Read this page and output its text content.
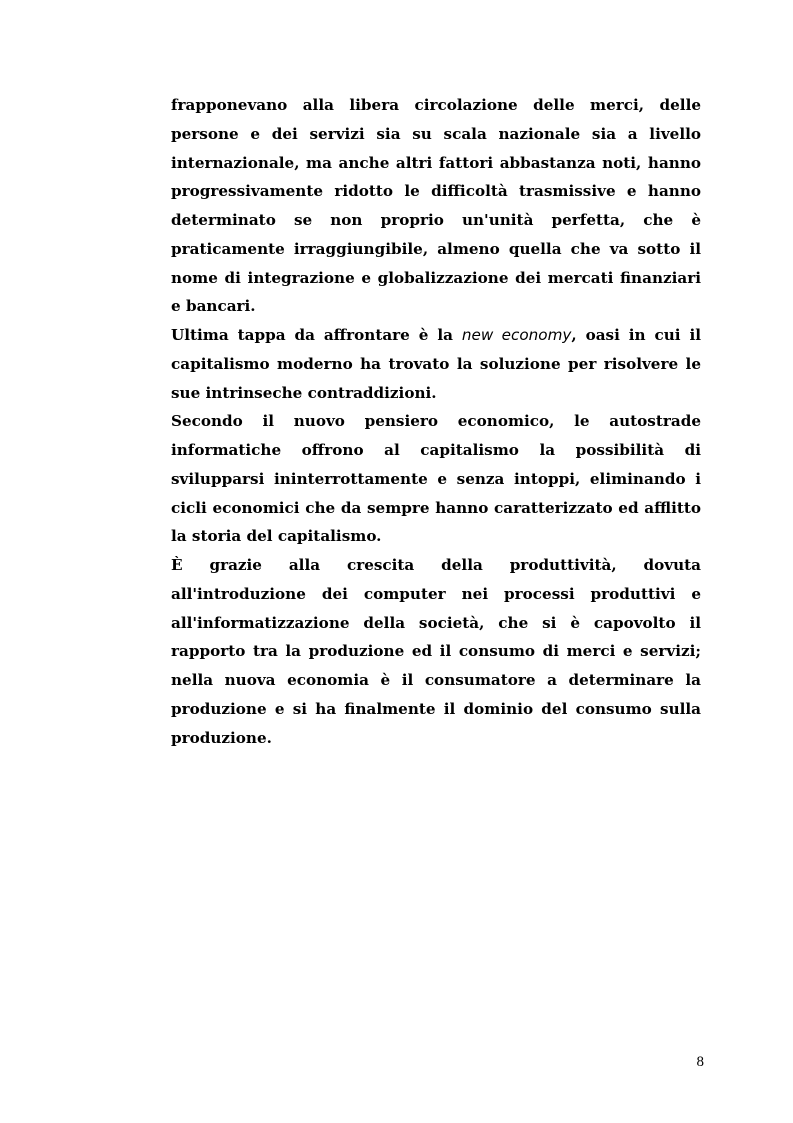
frapponevano alla libera circolazione delle merci, delle persone e dei servizi sia su scala nazionale sia a livello internazionale, ma anche altri fattori abbastanza noti, hanno progressivamente ridotto le difficoltà trasmissive e hanno determinato se non proprio un'unità perfetta, che è praticamente irraggiungibile, almeno quella che va sotto il nome di integrazione e globalizzazione dei mercati finanziari e bancari.

Ultima tappa da affrontare è la new economy, oasi in cui il capitalismo moderno ha trovato la soluzione per risolvere le sue intrinseche contraddizioni.

Secondo il nuovo pensiero economico, le autostrade informatiche offrono al capitalismo la possibilità di svilupparsi ininterrottamente e senza intoppi, eliminando i cicli economici che da sempre hanno caratterizzato ed afflitto la storia del capitalismo.

È grazie alla crescita della produttività, dovuta all'introduzione dei computer nei processi produttivi e all'informatizzazione della società, che si è capovolto il rapporto tra la produzione ed il consumo di merci e servizi; nella nuova economia è il consumatore a determinare la produzione e si ha finalmente il dominio del consumo sulla produzione.

8
